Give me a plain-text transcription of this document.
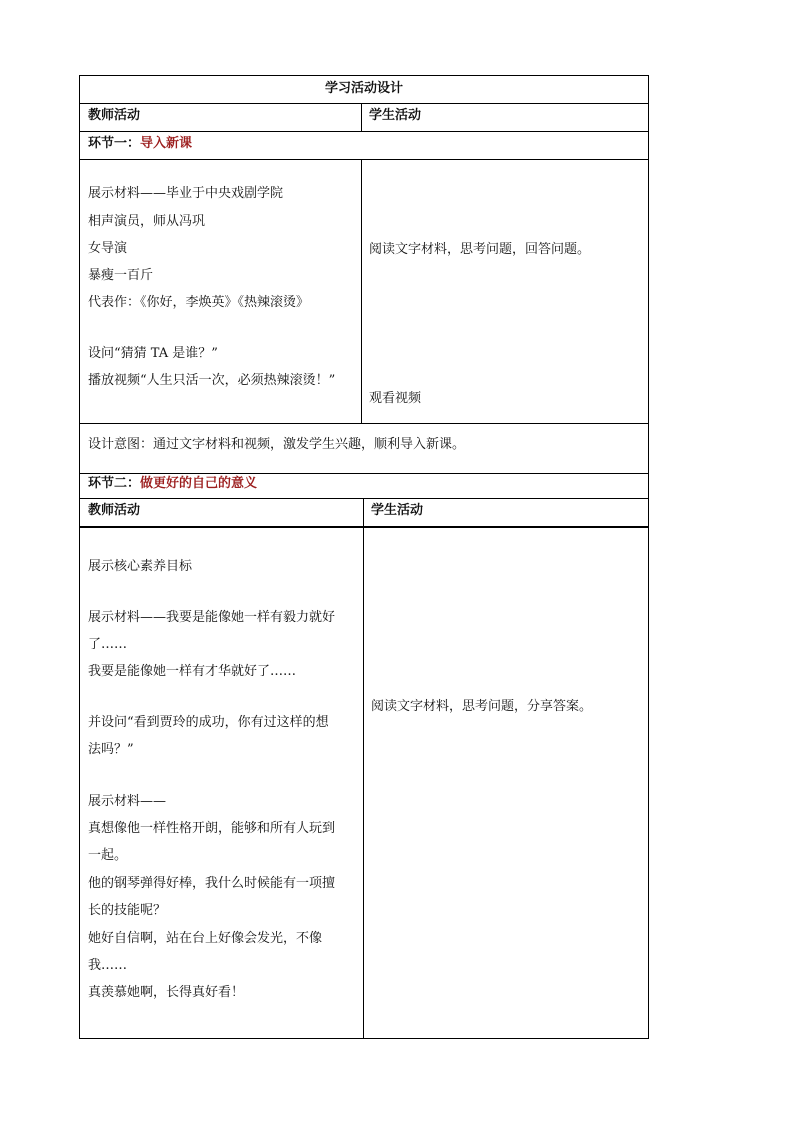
学习活动设计
教师活动	学生活动
环节一：导入新课
展示材料——毕业于中央戏剧学院
相声演员，师从冯巩
女导演
暴瘦一百斤
代表作：《你好，李焕英》《热辣滚烫》
设问“猜猜 TA 是谁？”
播放视频“人生只活一次，必须热辣滚烫！”
阅读文字材料，思考问题，回答问题。
观看视频
设计意图：通过文字材料和视频，激发学生兴趣，顺利导入新课。
环节二：做更好的自己的意义
教师活动	学生活动
展示核心素养目标
展示材料——我要是能像她一样有毅力就好
了……
我要是能像她一样有才华就好了……
并设问“看到贾玲的成功，你有过这样的想
法吗？”
展示材料——
真想像他一样性格开朗，能够和所有人玩到
一起。
他的钢琴弹得好棒，我什么时候能有一项擅
长的技能呢？
她好自信啊，站在台上好像会发光，不像
我……
真羡慕她啊，长得真好看！
阅读文字材料，思考问题，分享答案。
